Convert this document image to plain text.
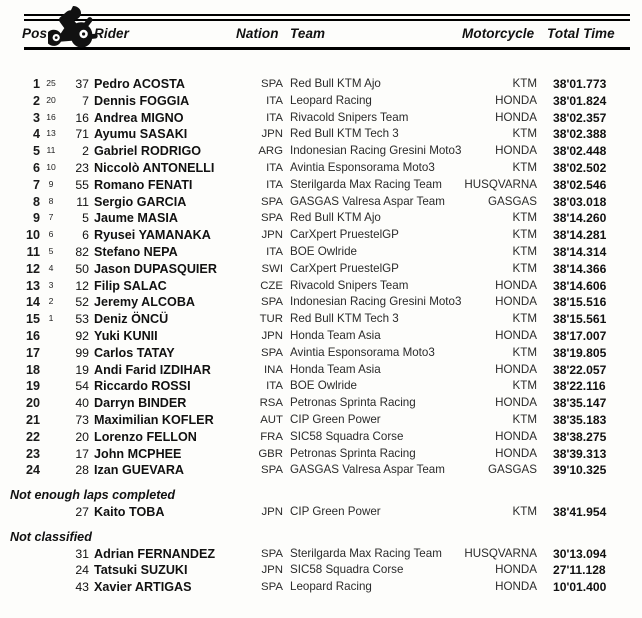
Pos	Rider	Nation Team	Motorcycle Total Time
1 25	37 Pedro ACOSTA	SPA Red Bull KTM Ajo	KTM 38'01.773
2 20	7 Dennis FOGGIA	ITA Leopard Racing	HONDA 38'01.824
3 16	16 Andrea MIGNO	ITA Rivacold Snipers Team	HONDA 38'02.357
4 13	71 Ayumu SASAKI	JPN Red Bull KTM Tech 3	KTM 38'02.388
5 11	2 Gabriel RODRIGO	ARG Indonesian Racing Gresini Moto3	HONDA 38'02.448
6 10	23 Niccolò ANTONELLI	ITA Avintia Esponsorama Moto3	KTM 38'02.502
7	9	55 Romano FENATI	ITA Sterilgarda Max Racing Team	HUSQVARNA 38'02.546
8	8	11 Sergio GARCIA	SPA GASGAS Valresa Aspar Team	GASGAS 38'03.018
9	7	5 Jaume MASIA	SPA Red Bull KTM Ajo	KTM 38'14.260
10	6	6 Ryusei YAMANAKA	JPN CarXpert PruestelGP	KTM 38'14.281
11	5	82 Stefano NEPA	ITA BOE Owlride	KTM 38'14.314
12	4	50 Jason DUPASQUIER	SWI CarXpert PruestelGP	KTM 38'14.366
13	3	12 Filip SALAC	CZE Rivacold Snipers Team	HONDA 38'14.606
14	2	52 Jeremy ALCOBA	SPA Indonesian Racing Gresini Moto3	HONDA 38'15.516
15	1	53 Deniz ÖNCÜ	TUR Red Bull KTM Tech 3	KTM 38'15.561
16	92 Yuki KUNII	JPN Honda Team Asia	HONDA 38'17.007
17	99 Carlos TATAY	SPA Avintia Esponsorama Moto3	KTM 38'19.805
18	19 Andi Farid IZDIHAR	INA Honda Team Asia	HONDA 38'22.057
19	54 Riccardo ROSSI	ITA BOE Owlride	KTM 38'22.116
20	40 Darryn BINDER	RSA Petronas Sprinta Racing	HONDA 38'35.147
21	73 Maximilian KOFLER	AUT CIP Green Power	KTM 38'35.183
22	20 Lorenzo FELLON	FRA SIC58 Squadra Corse	HONDA 38'38.275
23	17 John MCPHEE	GBR Petronas Sprinta Racing	HONDA 38'39.313
24	28 Izan GUEVARA	SPA GASGAS Valresa Aspar Team	GASGAS 39'10.325
Not enough laps completed
27 Kaito TOBA	JPN CIP Green Power	KTM 38'41.954
Not classified
31 Adrian FERNANDEZ	SPA Sterilgarda Max Racing Team	HUSQVARNA 30'13.094
24 Tatsuki SUZUKI	JPN SIC58 Squadra Corse	HONDA 27'11.128
43 Xavier ARTIGAS	SPA Leopard Racing	HONDA 10'01.400
